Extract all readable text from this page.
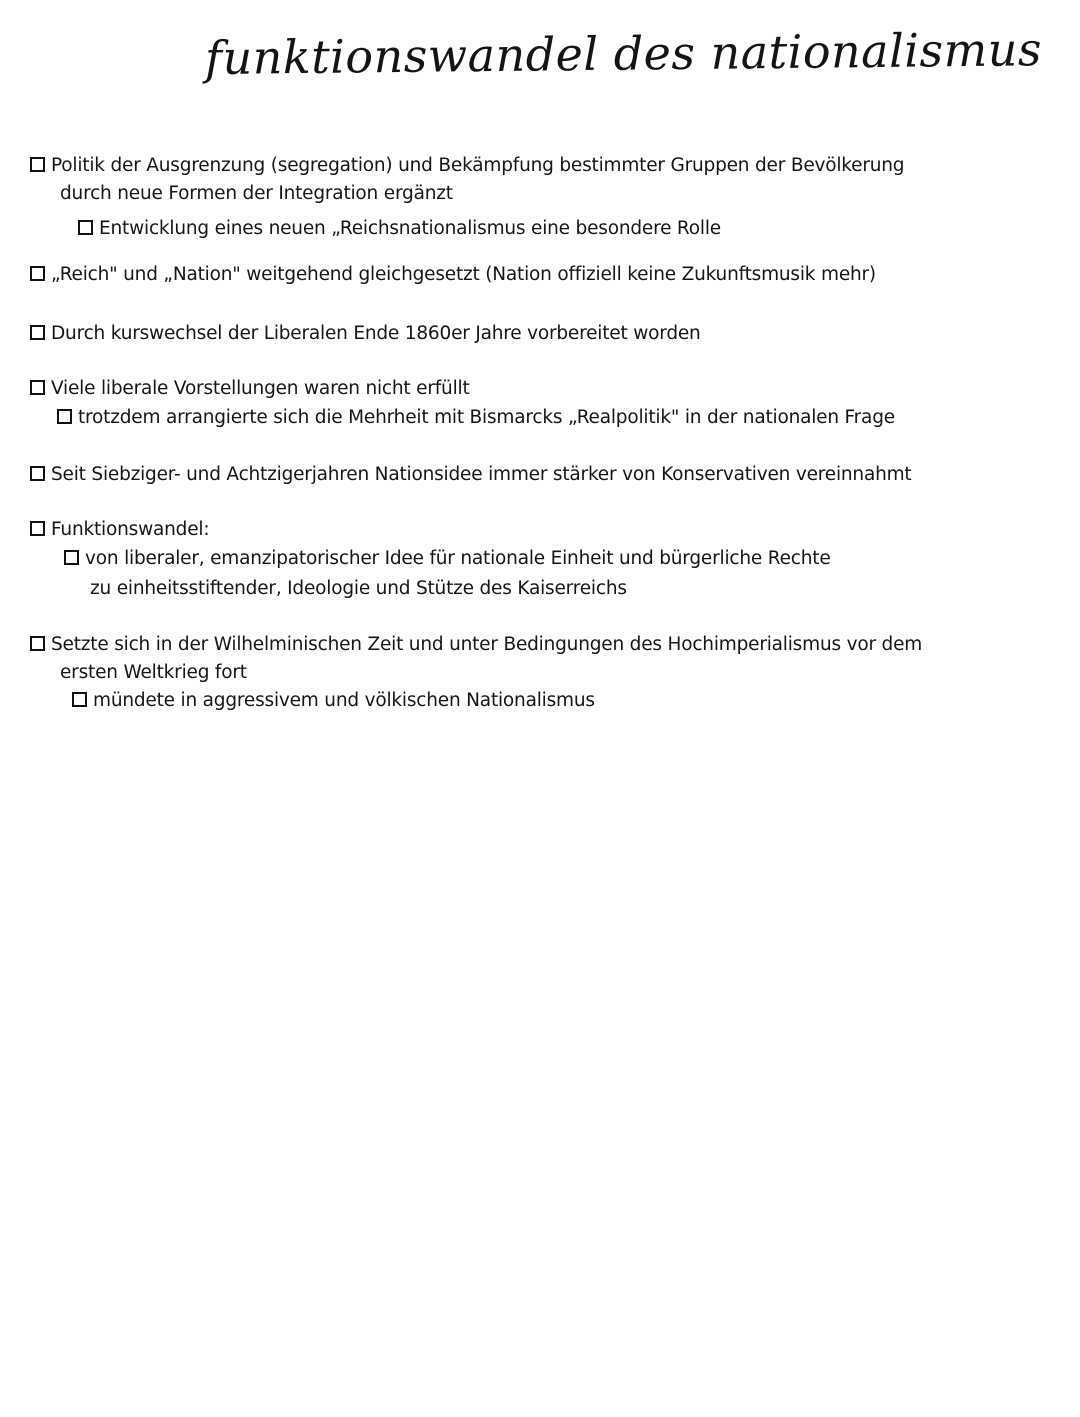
funktionswandel des nationalismus
Politik der Ausgrenzung (segregation) und Bekämpfung bestimmter Gruppen der Bevölkerung
durch neue Formen der Integration ergänzt
Entwicklung eines neuen „Reichsnationalismus eine besondere Rolle
„Reich" und „Nation" weitgehend gleichgesetzt (Nation offiziell keine Zukunftsmusik mehr)
Durch kurswechsel der Liberalen Ende 1860er Jahre vorbereitet worden
Viele liberale Vorstellungen waren nicht erfüllt
trotzdem arrangierte sich die Mehrheit mit Bismarcks „Realpolitik" in der nationalen Frage
Seit Siebziger- und Achtzigerjahren Nationsidee immer stärker von Konservativen vereinnahmt
Funktionswandel:
von liberaler, emanzipatorischer Idee für nationale Einheit und bürgerliche Rechte
zu einheitsstiftender, Ideologie und Stütze des Kaiserreichs
Setzte sich in der Wilhelminischen Zeit und unter Bedingungen des Hochimperialismus vor dem
ersten Weltkrieg fort
mündete in aggressivem und völkischen Nationalismus
